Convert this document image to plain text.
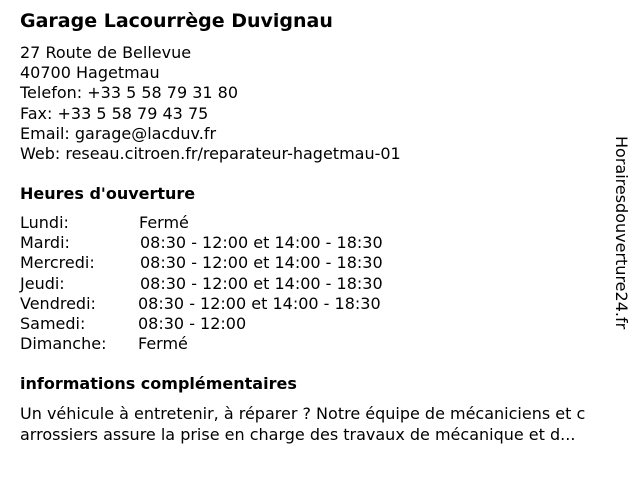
Garage Lacourrège Duvignau
27 Route de Bellevue
40700 Hagetmau
Telefon: +33 5 58 79 31 80
Fax: +33 5 58 79 43 75
Email: garage@lacduv.fr
Web: reseau.citroen.fr/reparateur-hagetmau-01
Heures d'ouverture
Lundi:	Fermé
Mardi:	08:30 - 12:00 et 14:00 - 18:30
Mercredi:	08:30 - 12:00 et 14:00 - 18:30
Jeudi:	08:30 - 12:00 et 14:00 - 18:30
Vendredi:	08:30 - 12:00 et 14:00 - 18:30
Samedi:	08:30 - 12:00
Dimanche: Fermé
informations complémentaires
Un véhicule à entretenir, à réparer ? Notre équipe de mécaniciens et c
arrossiers assure la prise en charge des travaux de mécanique et d...
Horairesdouverture24.fr
